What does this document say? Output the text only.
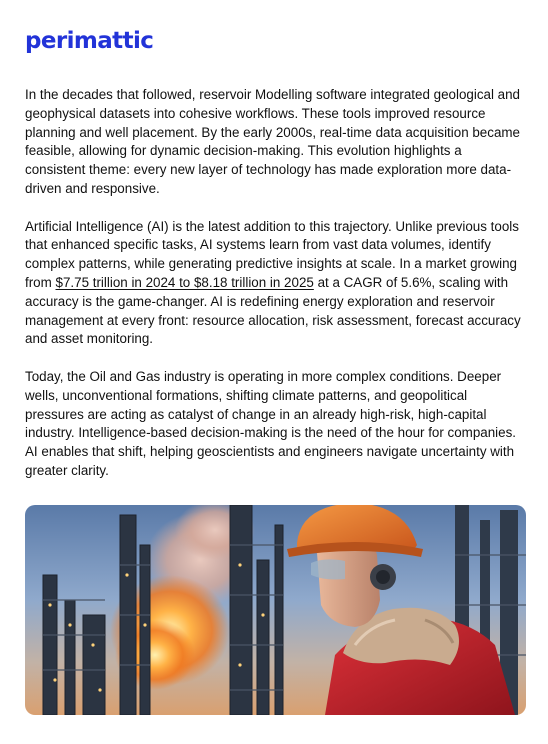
perimattic

In the decades that followed, reservoir Modelling software integrated geological and geophysical datasets into cohesive workflows. These tools improved resource planning and well placement. By the early 2000s, real-time data acquisition became feasible, allowing for dynamic decision-making. This evolution highlights a consistent theme: every new layer of technology has made exploration more data-driven and responsive.

Artificial Intelligence (AI) is the latest addition to this trajectory. Unlike previous tools that enhanced specific tasks, AI systems learn from vast data volumes, identify complex patterns, while generating predictive insights at scale. In a market growing from $7.75 trillion in 2024 to $8.18 trillion in 2025 at a CAGR of 5.6%, scaling with accuracy is the game-changer. AI is redefining energy exploration and reservoir management at every front: resource allocation, risk assessment, forecast accuracy and asset monitoring.

Today, the Oil and Gas industry is operating in more complex conditions. Deeper wells, unconventional formations, shifting climate patterns, and geopolitical pressures are acting as catalyst of change in an already high-risk, high-capital industry. Intelligence-based decision-making is the need of the hour for companies. AI enables that shift, helping geoscientists and engineers navigate uncertainty with greater clarity.
